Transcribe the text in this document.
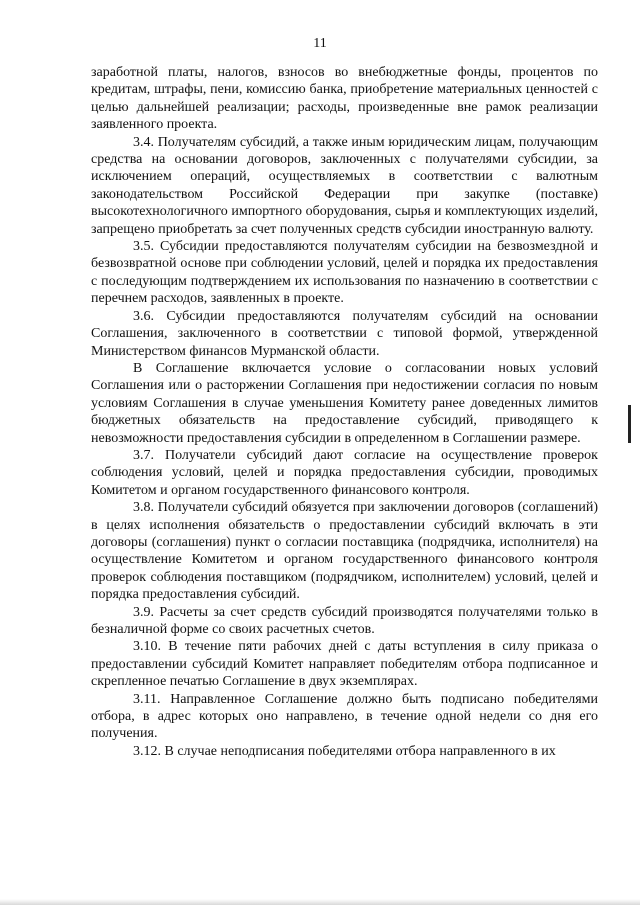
11

заработной платы, налогов, взносов во внебюджетные фонды, процентов по кредитам, штрафы, пени, комиссию банка, приобретение материальных ценностей с целью дальнейшей реализации; расходы, произведенные вне рамок реализации заявленного проекта.

3.4. Получателям субсидий, а также иным юридическим лицам, получающим средства на основании договоров, заключенных с получателями субсидии, за исключением операций, осуществляемых в соответствии с валютным законодательством Российской Федерации при закупке (поставке) высокотехнологичного импортного оборудования, сырья и комплектующих изделий, запрещено приобретать за счет полученных средств субсидии иностранную валюту.

3.5. Субсидии предоставляются получателям субсидии на безвозмездной и безвозвратной основе при соблюдении условий, целей и порядка их предоставления с последующим подтверждением их использования по назначению в соответствии с перечнем расходов, заявленных в проекте.

3.6. Субсидии предоставляются получателям субсидий на основании Соглашения, заключенного в соответствии с типовой формой, утвержденной Министерством финансов Мурманской области.

В Соглашение включается условие о согласовании новых условий Соглашения или о расторжении Соглашения при недостижении согласия по новым условиям Соглашения в случае уменьшения Комитету ранее доведенных лимитов бюджетных обязательств на предоставление субсидий, приводящего к невозможности предоставления субсидии в определенном в Соглашении размере.

3.7. Получатели субсидий дают согласие на осуществление проверок соблюдения условий, целей и порядка предоставления субсидии, проводимых Комитетом и органом государственного финансового контроля.

3.8. Получатели субсидий обязуется при заключении договоров (соглашений) в целях исполнения обязательств о предоставлении субсидий включать в эти договоры (соглашения) пункт о согласии поставщика (подрядчика, исполнителя) на осуществление Комитетом и органом государственного финансового контроля проверок соблюдения поставщиком (подрядчиком, исполнителем) условий, целей и порядка предоставления субсидий.

3.9. Расчеты за счет средств субсидий производятся получателями только в безналичной форме со своих расчетных счетов.

3.10. В течение пяти рабочих дней с даты вступления в силу приказа о предоставлении субсидий Комитет направляет победителям отбора подписанное и скрепленное печатью Соглашение в двух экземплярах.

3.11. Направленное Соглашение должно быть подписано победителями отбора, в адрес которых оно направлено, в течение одной недели со дня его получения.

3.12. В случае неподписания победителями отбора направленного в их
